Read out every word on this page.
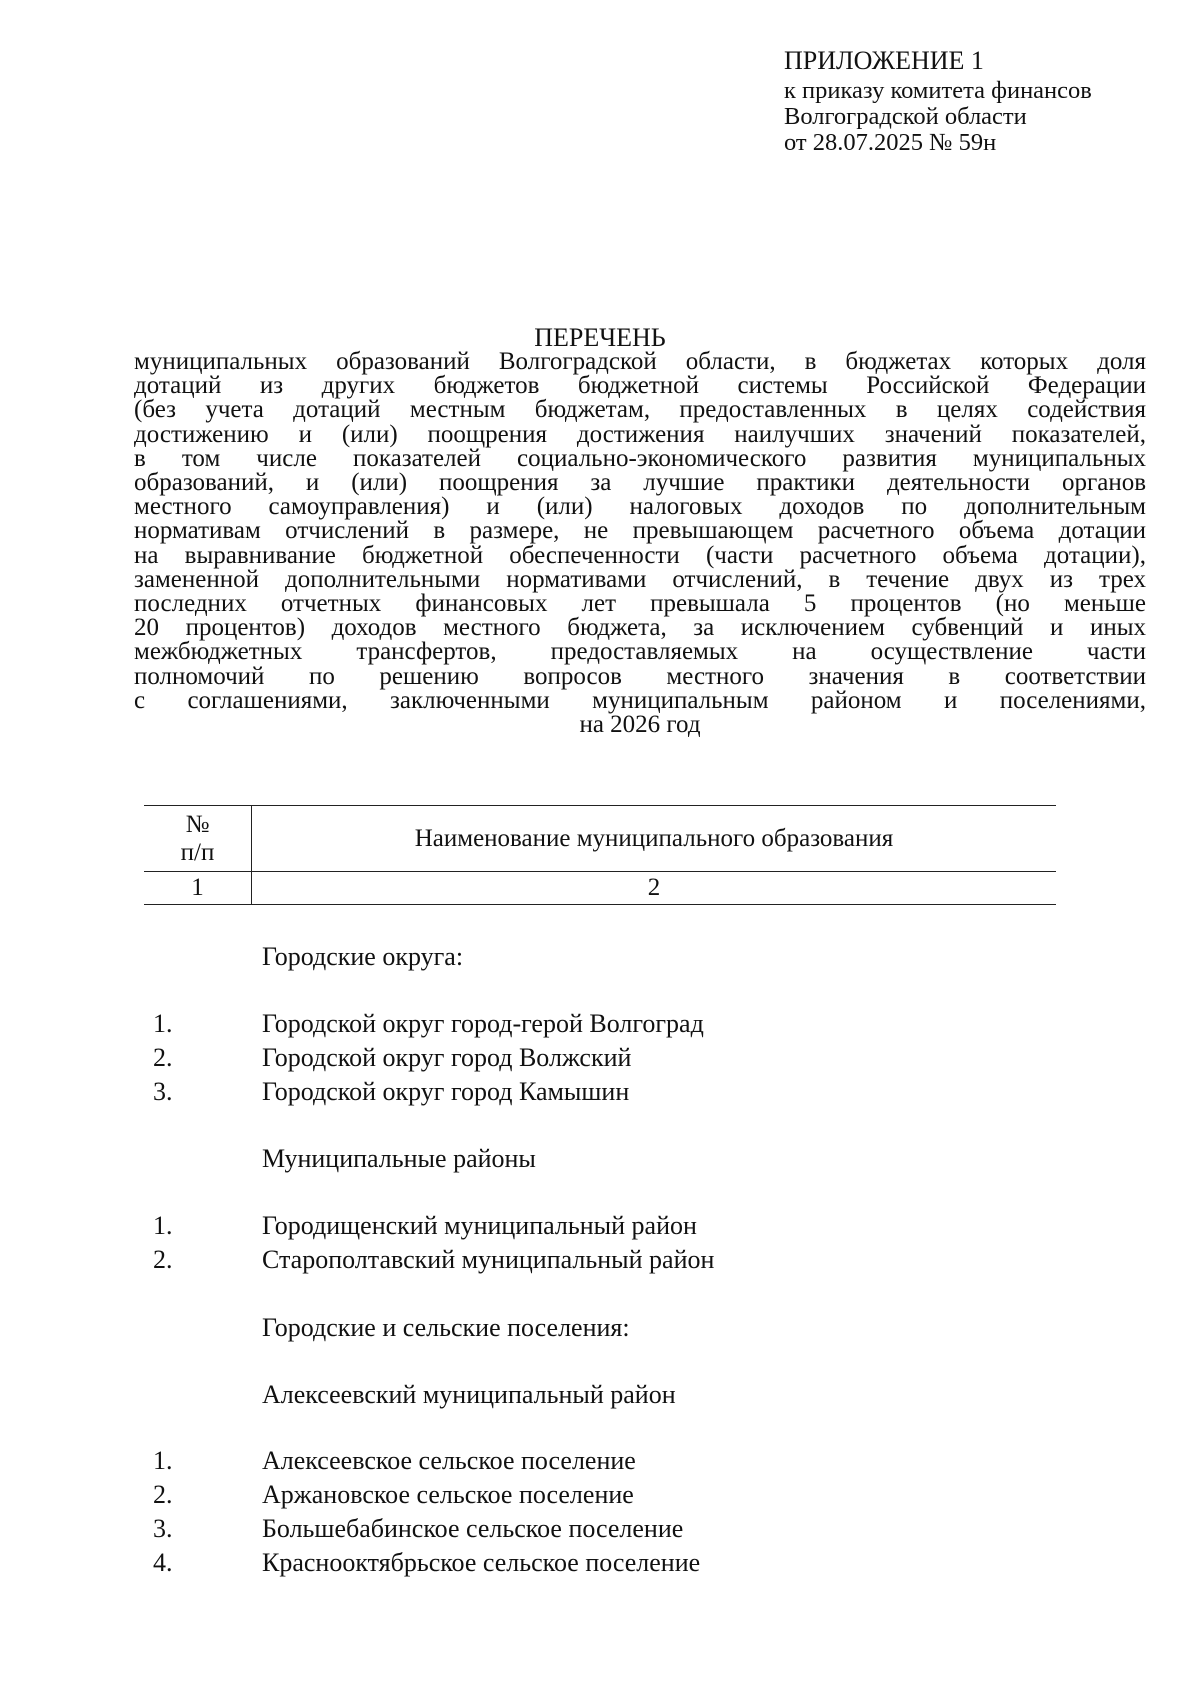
ПРИЛОЖЕНИЕ 1
к приказу комитета финансов
Волгоградской области
от 28.07.2025 № 59н
ПЕРЕЧЕНЬ
муниципальных образований Волгоградской области, в бюджетах которых доля
дотаций из других бюджетов бюджетной системы Российской Федерации
(без учета дотаций местным бюджетам, предоставленных в целях содействия
достижению и (или) поощрения достижения наилучших значений показателей,
в том числе показателей социально-экономического развития муниципальных
образований, и (или) поощрения за лучшие практики деятельности органов
местного самоуправления) и (или) налоговых доходов по дополнительным
нормативам отчислений в размере, не превышающем расчетного объема дотации
на выравнивание бюджетной обеспеченности (части расчетного объема дотации),
замененной дополнительными нормативами отчислений, в течение двух из трех
последних отчетных финансовых лет превышала 5 процентов (но меньше
20 процентов) доходов местного бюджета, за исключением субвенций и иных
межбюджетных трансфертов, предоставляемых на осуществление части
полномочий по решению вопросов местного значения в соответствии
с соглашениями, заключенными муниципальным районом и поселениями,
на 2026 год
№
п/п	Наименование муниципального образования
1	2
Городские округа:
1.	Городской округ город-герой Волгоград
2.	Городской округ город Волжский
3.	Городской округ город Камышин
Муниципальные районы
1.	Городищенский муниципальный район
2.	Старополтавский муниципальный район
Городские и сельские поселения:
Алексеевский муниципальный район
1.	Алексеевское сельское поселение
2.	Аржановское сельское поселение
3.	Большебабинское сельское поселение
4.	Краснооктябрьское сельское поселение
